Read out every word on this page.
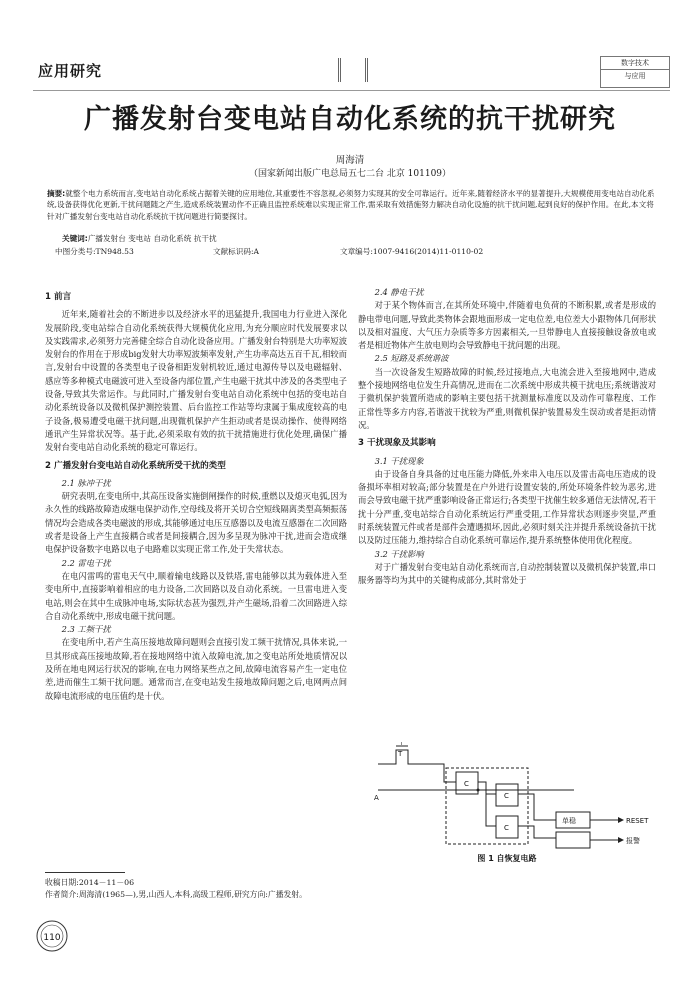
应用研究	数字技术
与应用
广播发射台变电站自动化系统的抗干扰研究
周海清
（国家新闻出版广电总局五七二台 北京 101109）
摘要:就整个电力系统而言,变电站自动化系统占据着关键的应用地位,其重要性不容忽视,必须努力实现其的安全可靠运行。近年来,随着经济水平的显著提升,大规模使用变电站自动化系统,设备获得优化更新,干扰问题随之产生,造成系统装置动作不正确且监控系统难以实现正常工作,需采取有效措施努力解决自动化设施的抗干扰问题,起到良好的保护作用。在此,本文将针对广播发射台变电站自动化系统抗干扰问题进行简要探讨。
关键词:广播发射台 变电站 自动化系统 抗干扰
中图分类号:TN948.53	文献标识码:A	文章编号:1007-9416(2014)11-0110-02
1 前言

近年来,随着社会的不断进步以及经济水平的迅猛提升,我国电力行业进入深化发展阶段,变电站综合自动化系统获得大规模优化应用,为充分顺应时代发展要求以及实践需求,必须努力完善健全综合自动化设备应用。广播发射台特别是大功率短波发射台的作用在于形成big发射大功率短波频率发射,产生功率高达五百千瓦,相较而言,发射台中设置的各类型电子设备相距发射机较近,通过电源传导以及电磁辐射、感应等多种模式电磁波可进入至设备内部位置,产生电磁干扰其中涉及的各类型电子设备,导致其失常运作。与此同时,广播发射台变电站自动化系统中包括的变电站自动化系统设备以及微机保护测控装置、后台监控工作站等均隶属于集成度较高的电子设备,极易遭受电磁干扰问题,出现微机保护产生拒动或者是误动操作、使得网络通讯产生异常状况等。基于此,必须采取有效的抗干扰措施进行优化处理,确保广播发射台变电站自动化系统的稳定可靠运行。

2 广播发射台变电站自动化系统所受干扰的类型
2.1 脉冲干扰

研究表明,在变电所中,其高压设备实施倒闸操作的时候,重燃以及熄灭电弧,因为永久性的线路故障造成继电保护动作,空母线及将开关切合空短线隔离类型高频振荡情况均会造成各类电磁波的形成,其能够通过电压互感器以及电流互感器在二次回路或者是设备上产生直接耦合或者是间接耦合,因为多呈现为脉冲干扰,进而会造成继电保护设备数字电路以电子电路难以实现正常工作,处于失常状态。

2.2 雷电干扰

在电闪雷鸣的雷电天气中,顺着输电线路以及铁塔,雷电能够以其为载体进入至变电所中,直接影响着相应的电力设备,二次回路以及自动化系统。一旦雷电进入变电站,则会在其中生成脉冲电场,实际状态甚为强烈,并产生磁场,沿着二次回路进入综合自动化系统中,形成电磁干扰问题。

2.3 工频干扰

在变电所中,若产生高压接地故障问题则会直接引发工频干扰情况,具体来说,一旦其形成高压接地故障,若在接地网络中流入故障电流,加之变电站所处地质情况以及所在地电网运行状况的影响,在电力网络某些点之间,故障电流容易产生一定电位差,进而催生工频干扰问题。通常而言,在变电站发生接地故障问题之后,电网两点间故障电流形成的电压值约是十伏。

2.4 静电干扰

对于某个物体而言,在其所处环境中,伴随着电负荷的不断积累,或者是形成的静电带电问题,导致此类物体会跟地面形成一定电位差,电位差大小跟物体几何形状以及相对温度、大气压力杂质等多方因素相关,一旦带静电人直接接触设备放电或者是相近物体产生放电则均会导致静电干扰问题的出现。

2.5 短路及系统谐波

当一次设备发生短路故障的时候,经过接地点,大电流会进入至接地网中,造成整个接地网络电位发生升高情况,进而在二次系统中形成共模干扰电压;系统谐波对于微机保护装置所造成的影响主要包括干扰测量标准度以及动作可靠程度、工作正常性等多方内容,若谐波干扰较为严重,则微机保护装置易发生误动或者是拒动情况。

3 干扰现象及其影响
3.1 干扰现象

由于设备自身具备的过电压能力降低,外来串入电压以及雷击高电压造成的设备损坏率相对较高;部分装置是在户外进行设置安装的,所处环境条件较为恶劣,进而会导致电磁干扰严重影响设备正常运行;各类型干扰催生较多通信无法情况,若干扰十分严重,变电站综合自动化系统运行严重受阻,工作异常状态则逐步突显,严重时系统装置元件或者是部件会遭遇损坏,因此,必须时刻关注并提升系统设备抗干扰以及防过压能力,维持综合自动化系统可靠运作,提升系统整体使用优化程度。

3.2 干扰影响

对于广播发射台变电站自动化系统而言,自动控制装置以及微机保护装置,串口服务器等均为其中的关键构成部分,其时常处于

T
T
A
C
C
C
单稳	RESET
报警
图 1 自恢复电路
收稿日期:2014－11－06
作者简介:周海清(1965—),男,山西人,本科,高级工程师,研究方向:广播发射。
110
